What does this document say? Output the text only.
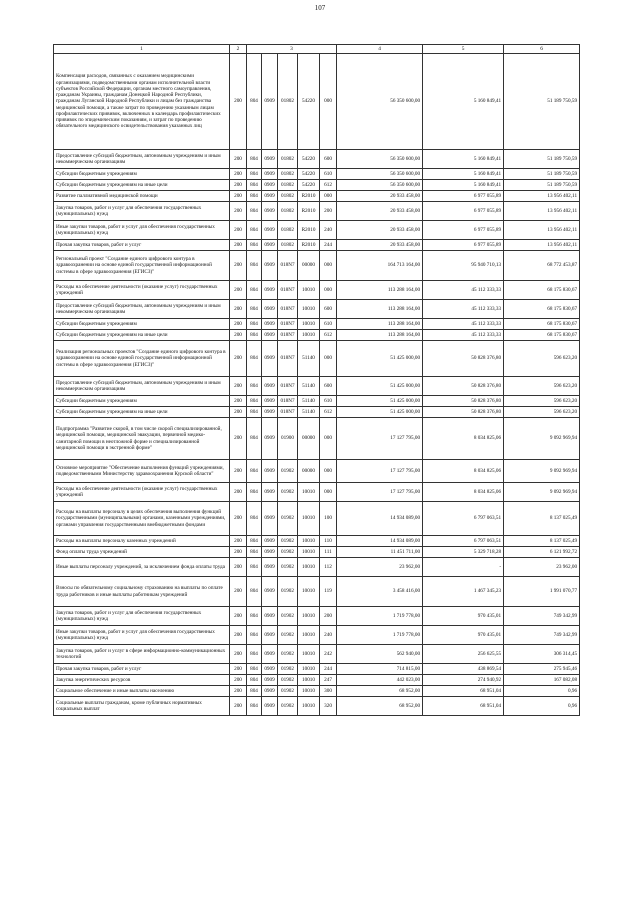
107
1	2	3					4	5	6
Компенсация расходов, связанных с оказанием медицинскими организациями, подведомственными органам исполнительной власти субъектов Российской Федерации, органам местного самоуправления, гражданам Украины, гражданам Донецкой Народной Республики, гражданам Луганской Народной Республики и лицам без гражданства медицинской помощи, а также затрат по проведению указанным лицам профилактических прививок, включенных в календарь профилактических прививок по эпидемическим показаниям, и затрат по проведению обязательного медицинского освидетельствования указанных лиц	200	804	0909	01802	54220	000	56 350 600,00	5 160 849,41	51 189 750,59
Предоставление субсидий бюджетным, автономным учреждениям и иным некоммерческим организациям	200	804	0909	01802	54220	600	56 350 600,00	5 160 849,41	51 189 750,59
Субсидии бюджетным учреждениям	200	804	0909	01802	54220	610	56 350 600,00	5 160 849,41	51 189 750,59
Субсидии бюджетным учреждениям на иные цели	200	804	0909	01802	54220	612	56 350 600,00	5 160 849,41	51 189 750,59
Развитие паллиативной медицинской помощи	200	804	0909	01802	R2010	000	20 933 458,00	6 977 055,89	13 956 402,11
Закупка товаров, работ и услуг для обеспечения государственных (муниципальных) нужд	200	804	0909	01802	R2010	200	20 933 458,00	6 977 055,89	13 956 402,11
Иные закупки товаров, работ и услуг для обеспечения государственных (муниципальных) нужд	200	804	0909	01802	R2010	240	20 933 458,00	6 977 055,89	13 956 402,11
Прочая закупка товаров, работ и услуг	200	804	0909	01802	R2010	244	20 933 458,00	6 977 055,89	13 956 402,11
Региональный проект "Создание единого цифрового контура в здравоохранении на основе единой государственной информационной системы в сфере здравоохранения (ЕГИСЗ)"	200	804	0909	018N7	00000	000	164 713 164,00	95 940 710,13	68 772 453,87
Расходы на обеспечение деятельности (оказание услуг) государственных учреждений	200	804	0909	018N7	10010	000	113 288 164,00	45 112 333,33	68 175 830,67
Предоставление субсидий бюджетным, автономным учреждениям и иным некоммерческим организациям	200	804	0909	018N7	10010	600	113 288 164,00	45 112 333,33	68 175 830,67
Субсидии бюджетным учреждениям	200	804	0909	018N7	10010	610	113 288 164,00	45 112 333,33	68 175 830,67
Субсидии бюджетным учреждениям на иные цели	200	804	0909	018N7	10010	612	113 288 164,00	45 112 333,33	68 175 830,67
Реализация региональных проектов "Создание единого цифрового контура в здравоохранении на основе единой государственной информационной системы в сфере здравоохранения (ЕГИСЗ)"	200	804	0909	018N7	51140	000	51 425 000,00	50 828 376,80	596 623,20
Предоставление субсидий бюджетным, автономным учреждениям и иным некоммерческим организациям	200	804	0909	018N7	51140	600	51 425 000,00	50 828 376,80	596 623,20
Субсидии бюджетным учреждениям	200	804	0909	018N7	51140	610	51 425 000,00	50 828 376,80	596 623,20
Субсидии бюджетным учреждениям на иные цели	200	804	0909	018N7	51140	612	51 425 000,00	50 828 376,80	596 623,20
Подпрограмма "Развитие скорой, в том числе скорой специализированной, медицинской помощи, медицинской эвакуации, первичной медико-санитарной помощи в неотложной форме и специализированной медицинской помощи в экстренной форме"	200	804	0909	01900	00000	000	17 127 795,00	8 034 825,06	9 092 969,94
Основное мероприятие "Обеспечение выполнения функций учреждениями, подведомственными Министерству здравоохранения Курской области"	200	804	0909	01902	00000	000	17 127 795,00	8 034 825,06	9 092 969,94
Расходы на обеспечение деятельности (оказание услуг) государственных учреждений	200	804	0909	01902	10010	000	17 127 795,00	8 034 825,06	9 092 969,94
Расходы на выплаты персоналу в целях обеспечения выполнения функций государственными (муниципальными) органами, казенными учреждениями, органами управления государственными внебюджетными фондами	200	804	0909	01902	10010	100	14 934 089,00	6 797 063,51	8 137 025,49
Расходы на выплаты персоналу казенных учреждений	200	804	0909	01902	10010	110	14 934 089,00	6 797 063,51	8 137 025,49
Фонд оплаты труда учреждений	200	804	0909	01902	10010	111	11 451 711,00	5 329 718,28	6 121 992,72
Иные выплаты персоналу учреждений, за исключением фонда оплаты труда	200	804	0909	01902	10010	112	23 962,00	-	23 962,00
Взносы по обязательному социальному страхованию на выплаты по оплате труда работников и иные выплаты работникам учреждений	200	804	0909	01902	10010	119	3 458 416,00	1 467 345,23	1 991 070,77
Закупка товаров, работ и услуг для обеспечения государственных (муниципальных) нужд	200	804	0909	01902	10010	200	1 719 778,00	970 435,01	749 342,99
Иные закупки товаров, работ и услуг для обеспечения государственных (муниципальных) нужд	200	804	0909	01902	10010	240	1 719 778,00	970 435,01	749 342,99
Закупка товаров, работ и услуг в сфере информационно-коммуникационных технологий	200	804	0909	01902	10010	242	562 940,00	256 625,55	306 314,45
Прочая закупка товаров, работ и услуг	200	804	0909	01902	10010	244	714 815,00	438 869,54	275 945,46
Закупка энергетических ресурсов	200	804	0909	01902	10010	247	442 023,00	274 940,92	167 082,08
Социальное обеспечение и иные выплаты населению	200	804	0909	01902	10010	300	68 952,00	68 951,04	0,96
Социальные выплаты гражданам, кроме публичных нормативных социальных выплат	200	804	0909	01902	10010	320	68 952,00	68 951,04	0,96
